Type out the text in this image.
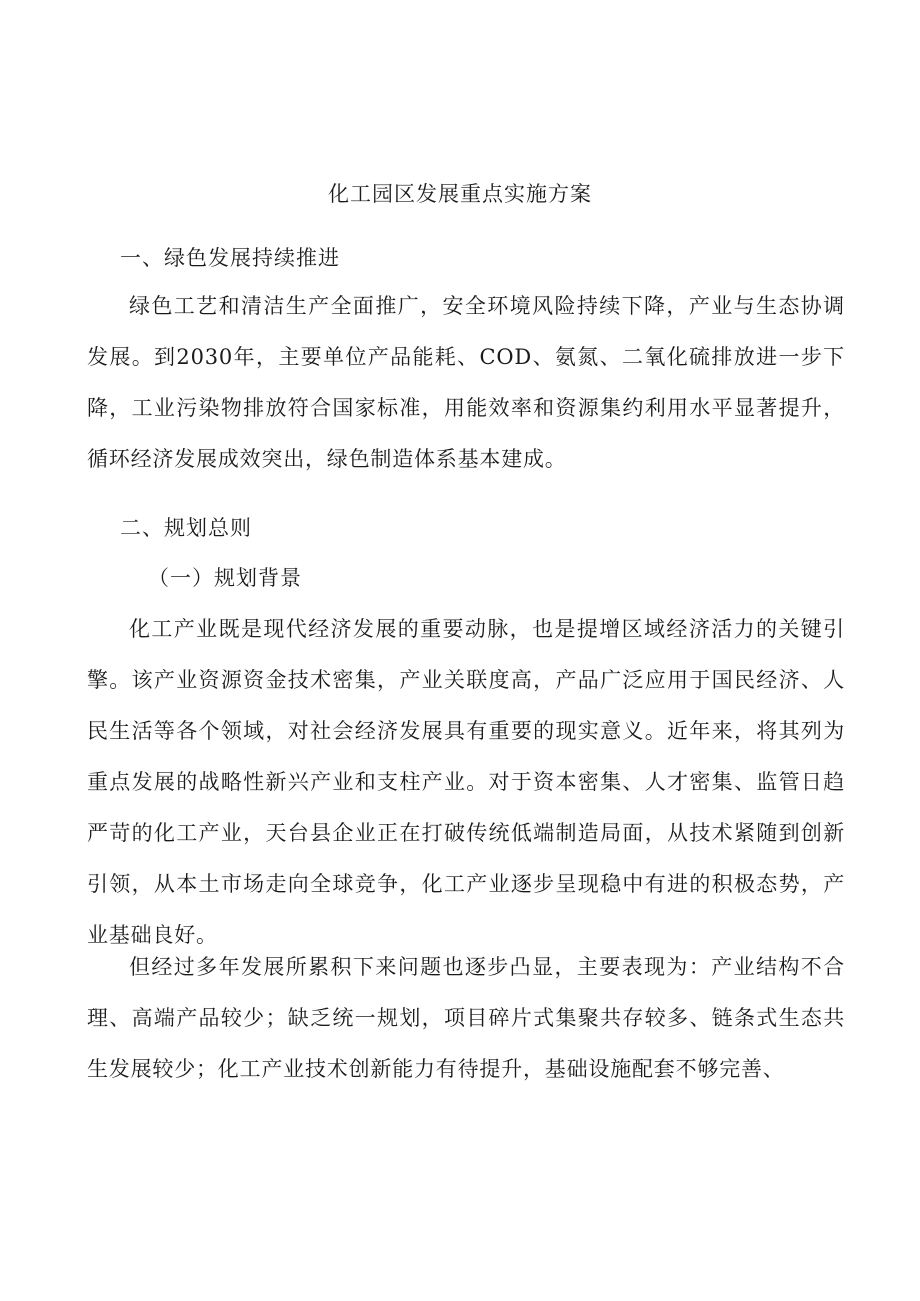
化工园区发展重点实施方案
一、绿色发展持续推进

绿色工艺和清洁生产全面推广，安全环境风险持续下降，产业与生态协调发展。到2030年，主要单位产品能耗、COD、氨氮、二氧化硫排放进一步下降，工业污染物排放符合国家标准，用能效率和资源集约利用水平显著提升，循环经济发展成效突出，绿色制造体系基本建成。

二、规划总则
（一）规划背景

化工产业既是现代经济发展的重要动脉，也是提增区域经济活力的关键引擎。该产业资源资金技术密集，产业关联度高，产品广泛应用于国民经济、人民生活等各个领域，对社会经济发展具有重要的现实意义。近年来，将其列为重点发展的战略性新兴产业和支柱产业。对于资本密集、人才密集、监管日趋严苛的化工产业，天台县企业正在打破传统低端制造局面，从技术紧随到创新引领，从本土市场走向全球竞争，化工产业逐步呈现稳中有进的积极态势，产业基础良好。

但经过多年发展所累积下来问题也逐步凸显，主要表现为：产业结构不合理、高端产品较少；缺乏统一规划，项目碎片式集聚共存较多、链条式生态共生发展较少；化工产业技术创新能力有待提升，基础设施配套不够完善、
